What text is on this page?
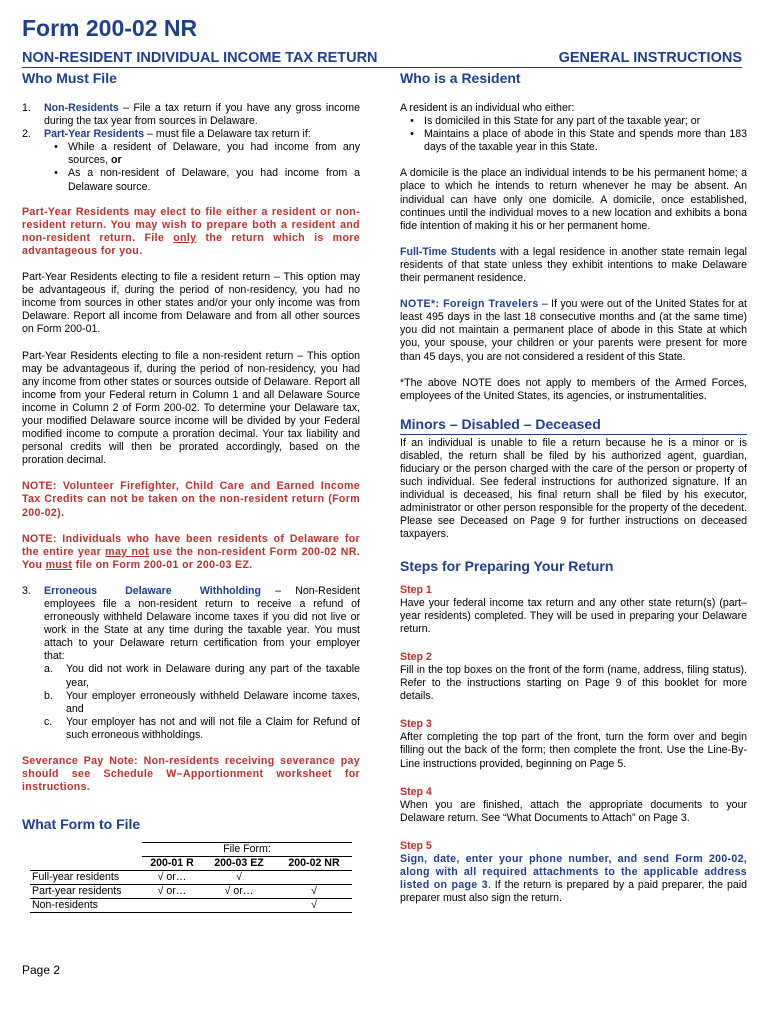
Form 200-02 NR
NON-RESIDENT INDIVIDUAL INCOME TAX RETURN	GENERAL INSTRUCTIONS
Who Must File
1.	Non-Residents – File a tax return if you have any gross income during the tax year from sources in Delaware.
2.	Part-Year Residents – must file a Delaware tax return if:
• While a resident of Delaware, you had income from any sources, or
• As a non-resident of Delaware, you had income from a Delaware source.

Part-Year Residents may elect to file either a resident or non-resident return. You may wish to prepare both a resident and non-resident return. File only the return which is more advantageous for you.

Part-Year Residents electing to file a resident return – This option may be advantageous if, during the period of non-residency, you had no income from sources in other states and/or your only income was from Delaware. Report all income from Delaware and from all other sources on Form 200-01.

Part-Year Residents electing to file a non-resident return – This option may be advantageous if, during the period of non-residency, you had any income from other states or sources outside of Delaware. Report all income from your Federal return in Column 1 and all Delaware Source income in Column 2 of Form 200-02. To determine your Delaware tax, your modified Delaware source income will be divided by your Federal modified income to compute a proration decimal. Your tax liability and personal credits will then be prorated accordingly, based on the proration decimal.

NOTE: Volunteer Firefighter, Child Care and Earned Income Tax Credits can not be taken on the non-resident return (Form 200-02).

NOTE: Individuals who have been residents of Delaware for the entire year may not use the non-resident Form 200-02 NR. You must file on Form 200-01 or 200-03 EZ.

3.	Erroneous Delaware Withholding – Non-Resident employees file a non-resident return to receive a refund of erroneously withheld Delaware income taxes if you did not live or work in the State at any time during the taxable year. You must attach to your Delaware return certification from your employer that:
a.	You did not work in Delaware during any part of the taxable year,
b.	Your employer erroneously withheld Delaware income taxes, and
c.	Your employer has not and will not file a Claim for Refund of such erroneous withholdings.

Severance Pay Note: Non-residents receiving severance pay should see Schedule W–Apportionment worksheet for instructions.

What Form to File
	File Form:		
	200-01 R	200-03 EZ	200-02 NR
Full-year residents	√ or…	√	
Part-year residents	√ or…	√ or…	√
Non-residents			√
Who is a Resident

A resident is an individual who either:

• Is domiciled in this State for any part of the taxable year; or
• Maintains a place of abode in this State and spends more than 183 days of the taxable year in this State.

A domicile is the place an individual intends to be his permanent home; a place to which he intends to return whenever he may be absent. An individual can have only one domicile. A domicile, once established, continues until the individual moves to a new location and exhibits a bona fide intention of making it his or her permanent home.

Full-Time Students with a legal residence in another state remain legal residents of that state unless they exhibit intentions to make Delaware their permanent residence.

NOTE*: Foreign Travelers – If you were out of the United States for at least 495 days in the last 18 consecutive months and (at the same time) you did not maintain a permanent place of abode in this State at which you, your spouse, your children or your parents were present for more than 45 days, you are not considered a resident of this State.

*The above NOTE does not apply to members of the Armed Forces, employees of the United States, its agencies, or instrumentalities.

Minors – Disabled – Deceased

If an individual is unable to file a return because he is a minor or is disabled, the return shall be filed by his authorized agent, guardian, fiduciary or the person charged with the care of the person or property of such individual. See federal instructions for authorized signature. If an individual is deceased, his final return shall be filed by his executor, administrator or other person responsible for the property of the decedent. Please see Deceased on Page 9 for further instructions on deceased taxpayers.

Steps for Preparing Your Return

Step 1

Have your federal income tax return and any other state return(s) (part–year residents) completed. They will be used in preparing your Delaware return.

Step 2

Fill in the top boxes on the front of the form (name, address, filing status). Refer to the instructions starting on Page 9 of this booklet for more details.

Step 3

After completing the top part of the front, turn the form over and begin filling out the back of the form; then complete the front. Use the Line-By-Line instructions provided, beginning on Page 5.

Step 4

When you are finished, attach the appropriate documents to your Delaware return. See “What Documents to Attach” on Page 3.

Step 5

Sign, date, enter your phone number, and send Form 200-02, along with all required attachments to the applicable address listed on page 3. If the return is prepared by a paid preparer, the paid preparer must also sign the return.

Page 2
